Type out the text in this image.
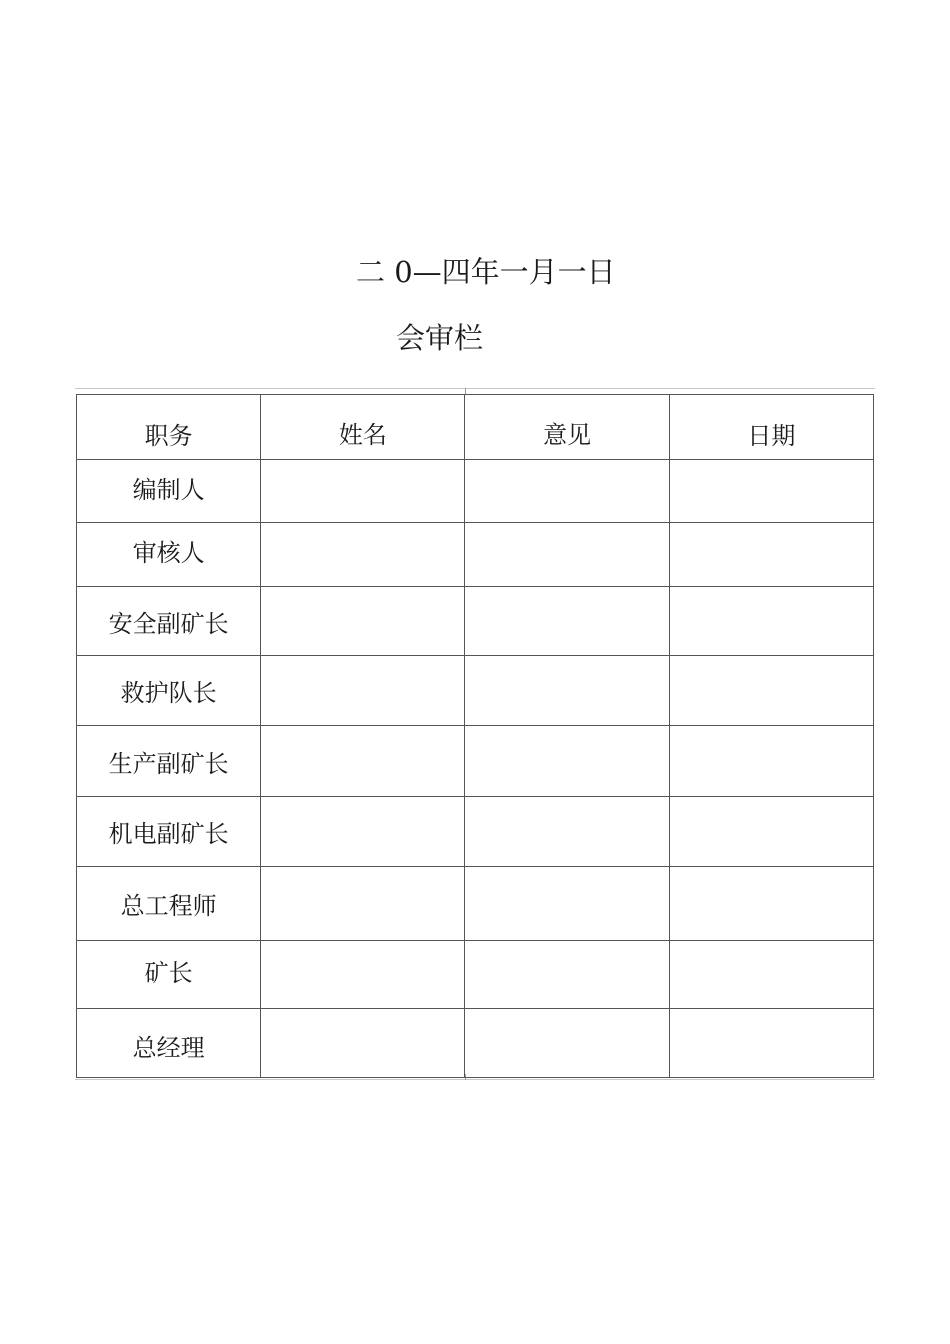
二 0—四年一月一日
会审栏
职务	姓名	意见	日期
编制人			
审核人			
安全副矿长			
救护队长			
生产副矿长			
机电副矿长			
总工程师			
矿长			
总经理			
